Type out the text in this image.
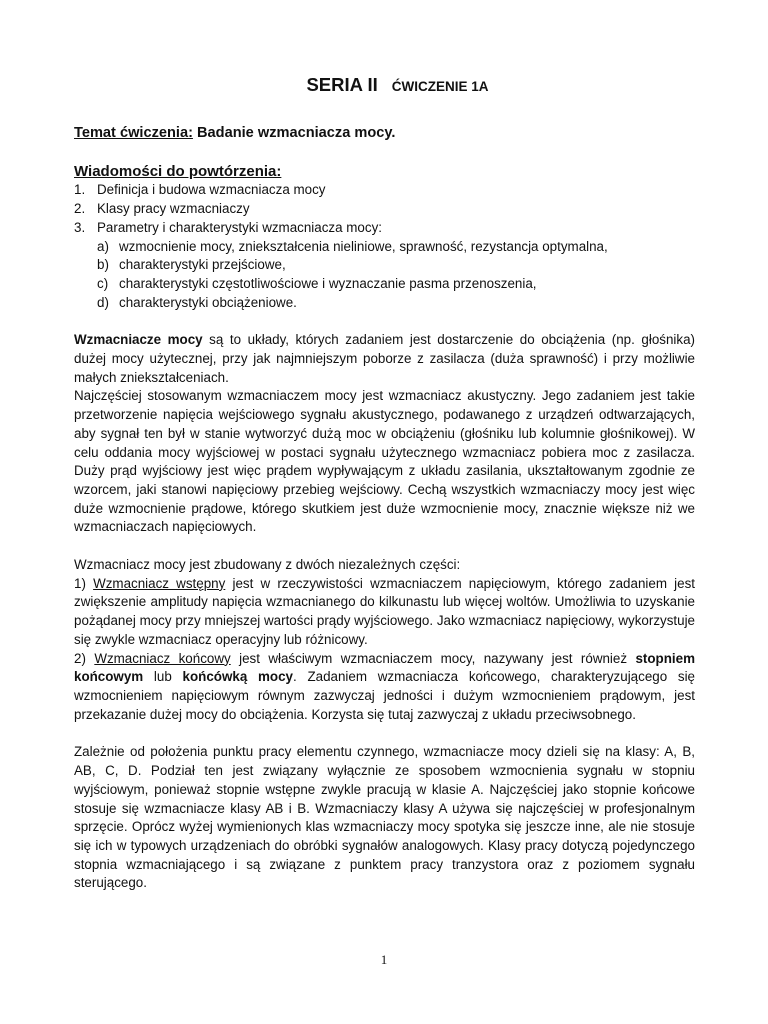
SERIA II ĆWICZENIE 1A

Temat ćwiczenia: Badanie wzmacniacza mocy.

Wiadomości do powtórzenia:

1. Definicja i budowa wzmacniacza mocy
2. Klasy pracy wzmacniaczy
3. Parametry i charakterystyki wzmacniacza mocy:
a) wzmocnienie mocy, zniekształcenia nieliniowe, sprawność, rezystancja optymalna,
b) charakterystyki przejściowe,
c) charakterystyki częstotliwościowe i wyznaczanie pasma przenoszenia,
d) charakterystyki obciążeniowe.

Wzmacniacze mocy są to układy, których zadaniem jest dostarczenie do obciążenia (np. głośnika) dużej mocy użytecznej, przy jak najmniejszym poborze z zasilacza (duża sprawność) i przy możliwie małych zniekształceniach.

Najczęściej stosowanym wzmacniaczem mocy jest wzmacniacz akustyczny. Jego zadaniem jest takie przetworzenie napięcia wejściowego sygnału akustycznego, podawanego z urządzeń odtwarzających, aby sygnał ten był w stanie wytworzyć dużą moc w obciążeniu (głośniku lub kolumnie głośnikowej). W celu oddania mocy wyjściowej w postaci sygnału użytecznego wzmacniacz pobiera moc z zasilacza. Duży prąd wyjściowy jest więc prądem wypływającym z układu zasilania, ukształtowanym zgodnie ze wzorcem, jaki stanowi napięciowy przebieg wejściowy. Cechą wszystkich wzmacniaczy mocy jest więc duże wzmocnienie prądowe, którego skutkiem jest duże wzmocnienie mocy, znacznie większe niż we wzmacniaczach napięciowych.

Wzmacniacz mocy jest zbudowany z dwóch niezależnych części:

1) Wzmacniacz wstępny jest w rzeczywistości wzmacniaczem napięciowym, którego zadaniem jest zwiększenie amplitudy napięcia wzmacnianego do kilkunastu lub więcej woltów. Umożliwia to uzyskanie pożądanej mocy przy mniejszej wartości prądy wyjściowego. Jako wzmacniacz napięciowy, wykorzystuje się zwykle wzmacniacz operacyjny lub różnicowy.

2) Wzmacniacz końcowy jest właściwym wzmacniaczem mocy, nazywany jest również stopniem końcowym lub końcówką mocy. Zadaniem wzmacniacza końcowego, charakteryzującego się wzmocnieniem napięciowym równym zazwyczaj jedności i dużym wzmocnieniem prądowym, jest przekazanie dużej mocy do obciążenia. Korzysta się tutaj zazwyczaj z układu przeciwsobnego.

Zależnie od położenia punktu pracy elementu czynnego, wzmacniacze mocy dzieli się na klasy: A, B, AB, C, D. Podział ten jest związany wyłącznie ze sposobem wzmocnienia sygnału w stopniu wyjściowym, ponieważ stopnie wstępne zwykle pracują w klasie A. Najczęściej jako stopnie końcowe stosuje się wzmacniacze klasy AB i B. Wzmacniaczy klasy A używa się najczęściej w profesjonalnym sprzęcie. Oprócz wyżej wymienionych klas wzmacniaczy mocy spotyka się jeszcze inne, ale nie stosuje się ich w typowych urządzeniach do obróbki sygnałów analogowych. Klasy pracy dotyczą pojedynczego stopnia wzmacniającego i są związane z punktem pracy tranzystora oraz z poziomem sygnału sterującego.

1
